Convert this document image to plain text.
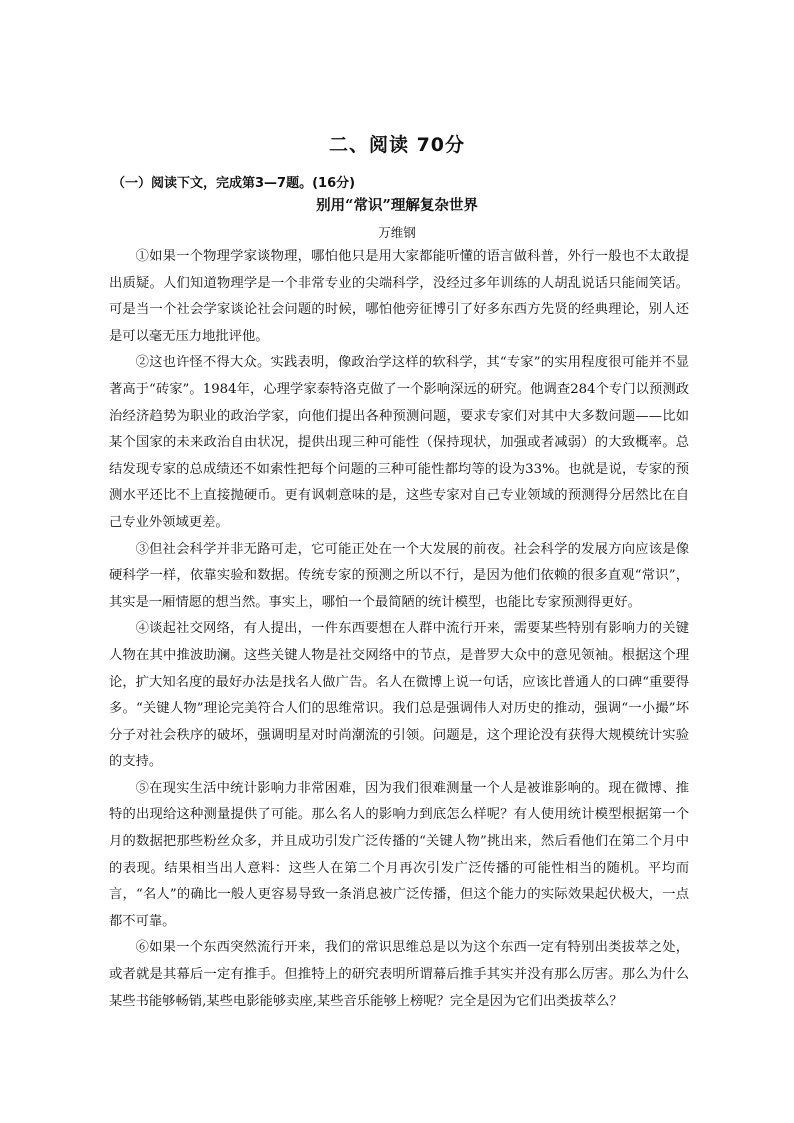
二、阅读 70分
（一）阅读下文，完成第3—7题。(16分)
别用“常识”理解复杂世界
万维钢

①如果一个物理学家谈物理，哪怕他只是用大家都能听懂的语言做科普，外行一般也不太敢提出质疑。人们知道物理学是一个非常专业的尖端科学，没经过多年训练的人胡乱说话只能闹笑话。可是当一个社会学家谈论社会问题的时候，哪怕他旁征博引了好多东西方先贤的经典理论，别人还是可以毫无压力地批评他。

②这也许怪不得大众。实践表明，像政治学这样的软科学，其“专家”的实用程度很可能并不显著高于“砖家”。1984年，心理学家泰特洛克做了一个影响深远的研究。他调查284个专门以预测政治经济趋势为职业的政治学家，向他们提出各种预测问题，要求专家们对其中大多数问题——比如某个国家的未来政治自由状况，提供出现三种可能性（保持现状，加强或者减弱）的大致概率。总结发现专家的总成绩还不如索性把每个问题的三种可能性都均等的设为33%。也就是说，专家的预测水平还比不上直接抛硬币。更有讽刺意味的是，这些专家对自己专业领域的预测得分居然比在自己专业外领域更差。

③但社会科学并非无路可走，它可能正处在一个大发展的前夜。社会科学的发展方向应该是像硬科学一样，依靠实验和数据。传统专家的预测之所以不行，是因为他们依赖的很多直观“常识”，其实是一厢情愿的想当然。事实上，哪怕一个最简陋的统计模型，也能比专家预测得更好。

④谈起社交网络，有人提出，一件东西要想在人群中流行开来，需要某些特别有影响力的关键人物在其中推波助澜。这些关键人物是社交网络中的节点，是普罗大众中的意见领袖。根据这个理论，扩大知名度的最好办法是找名人做广告。名人在微博上说一句话，应该比普通人的口碑“重要得多。“关键人物”理论完美符合人们的思维常识。我们总是强调伟人对历史的推动，强调“一小撮”坏分子对社会秩序的破坏，强调明星对时尚潮流的引领。问题是，这个理论没有获得大规模统计实验的支持。

⑤在现实生活中统计影响力非常困难，因为我们很难测量一个人是被谁影响的。现在微博、推特的出现给这种测量提供了可能。那么名人的影响力到底怎么样呢？有人使用统计模型根据第一个月的数据把那些粉丝众多，并且成功引发广泛传播的“关键人物”挑出来，然后看他们在第二个月中的表现。结果相当出人意料：这些人在第二个月再次引发广泛传播的可能性相当的随机。平均而言，“名人”的确比一般人更容易导致一条消息被广泛传播，但这个能力的实际效果起伏极大，一点都不可靠。

⑥如果一个东西突然流行开来，我们的常识思维总是以为这个东西一定有特别出类拔萃之处，或者就是其幕后一定有推手。但推特上的研究表明所谓幕后推手其实并没有那么厉害。那么为什么某些书能够畅销,某些电影能够卖座,某些音乐能够上榜呢？完全是因为它们出类拔萃么？
